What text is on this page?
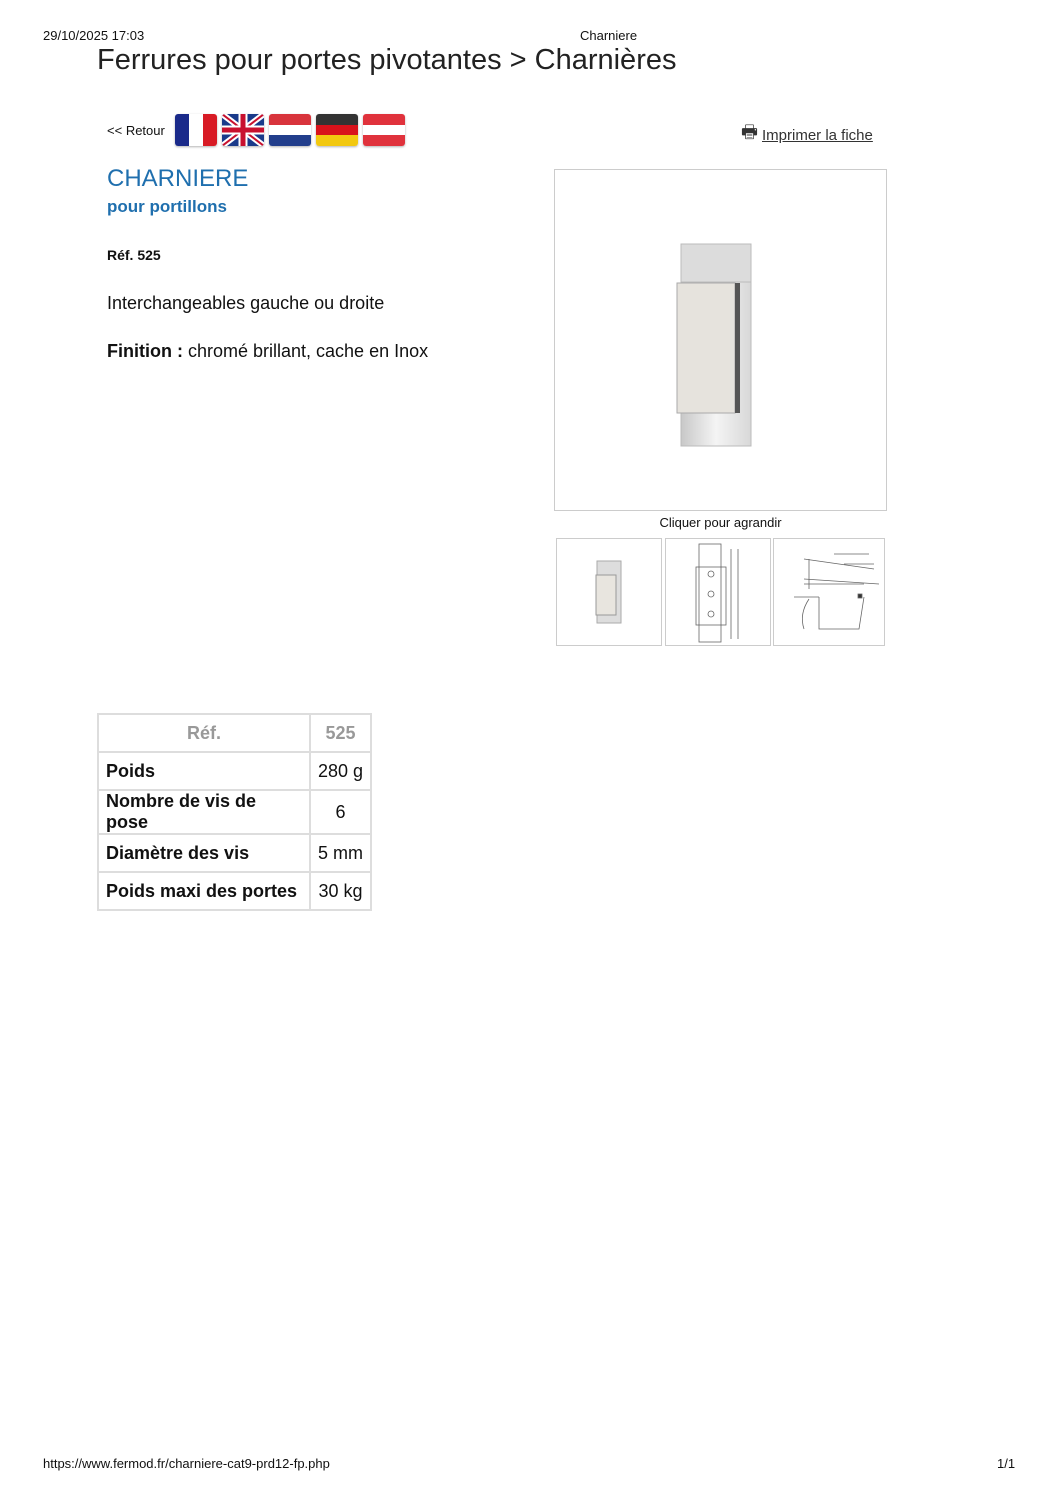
29/10/2025 17:03	Charniere
Ferrures pour portes pivotantes > Charnières
<< Retour	🖶 Imprimer la fiche
CHARNIERE
pour portillons
Réf. 525
Interchangeables gauche ou droite
Finition : chromé brillant, cache en Inox
Cliquer pour agrandir
Réf.	525
Poids	280 g
Nombre de vis de pose	6
Diamètre des vis	5 mm
Poids maxi des portes	30 kg
https://www.fermod.fr/charniere-cat9-prd12-fp.php	1/1
